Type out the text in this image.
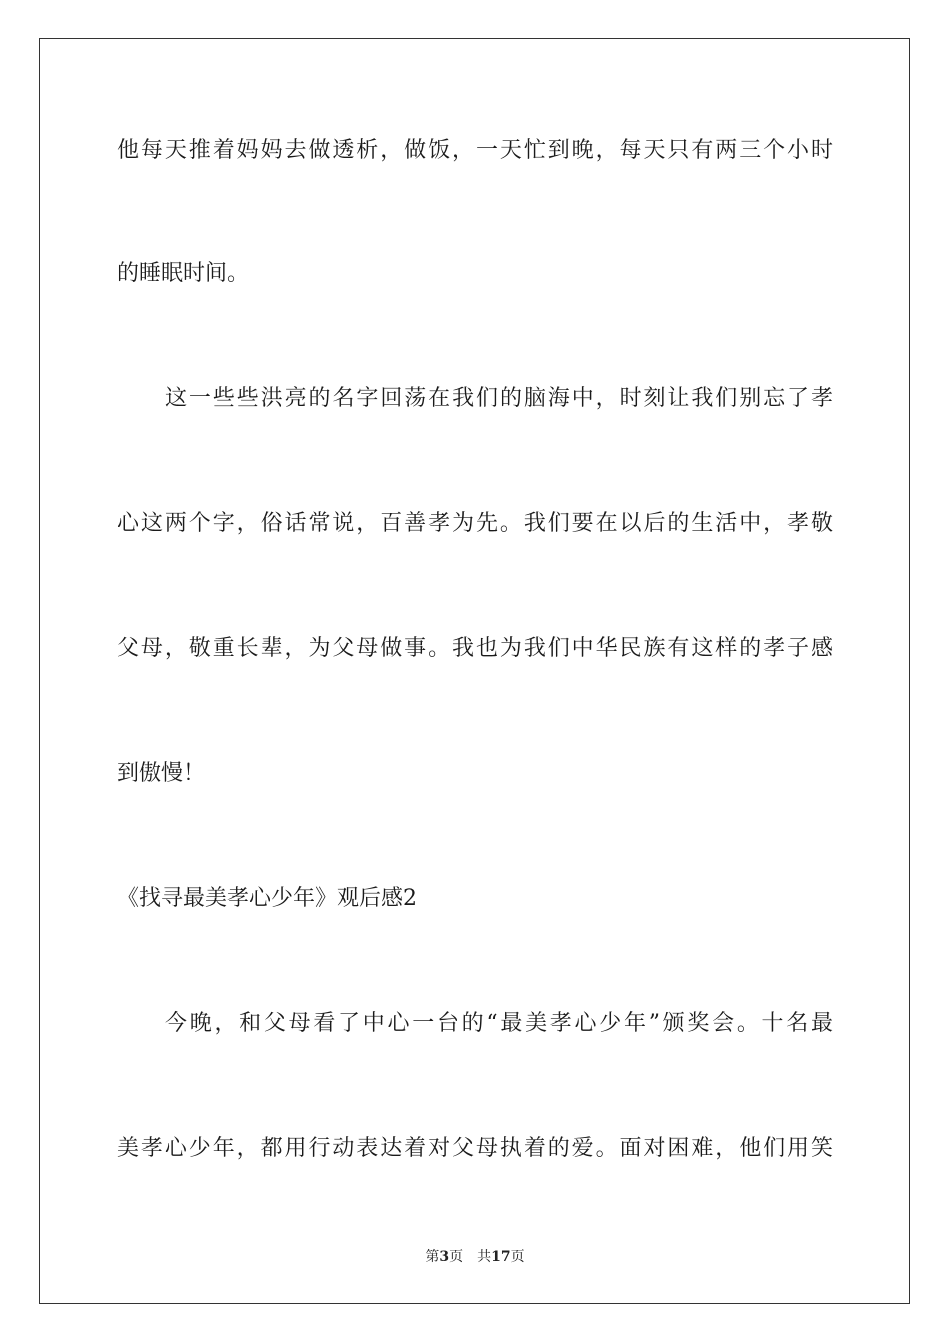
他每天推着妈妈去做透析，做饭，一天忙到晚，每天只有两三个小时
的睡眠时间。
这一些些洪亮的名字回荡在我们的脑海中，时刻让我们别忘了孝
心这两个字，俗话常说，百善孝为先。我们要在以后的生活中，孝敬
父母，敬重长辈，为父母做事。我也为我们中华民族有这样的孝子感
到傲慢！
《找寻最美孝心少年》观后感2
今晚，和父母看了中心一台的“最美孝心少年”颁奖会。十名最
美孝心少年，都用行动表达着对父母执着的爱。面对困难，他们用笑
第3页 共17页
